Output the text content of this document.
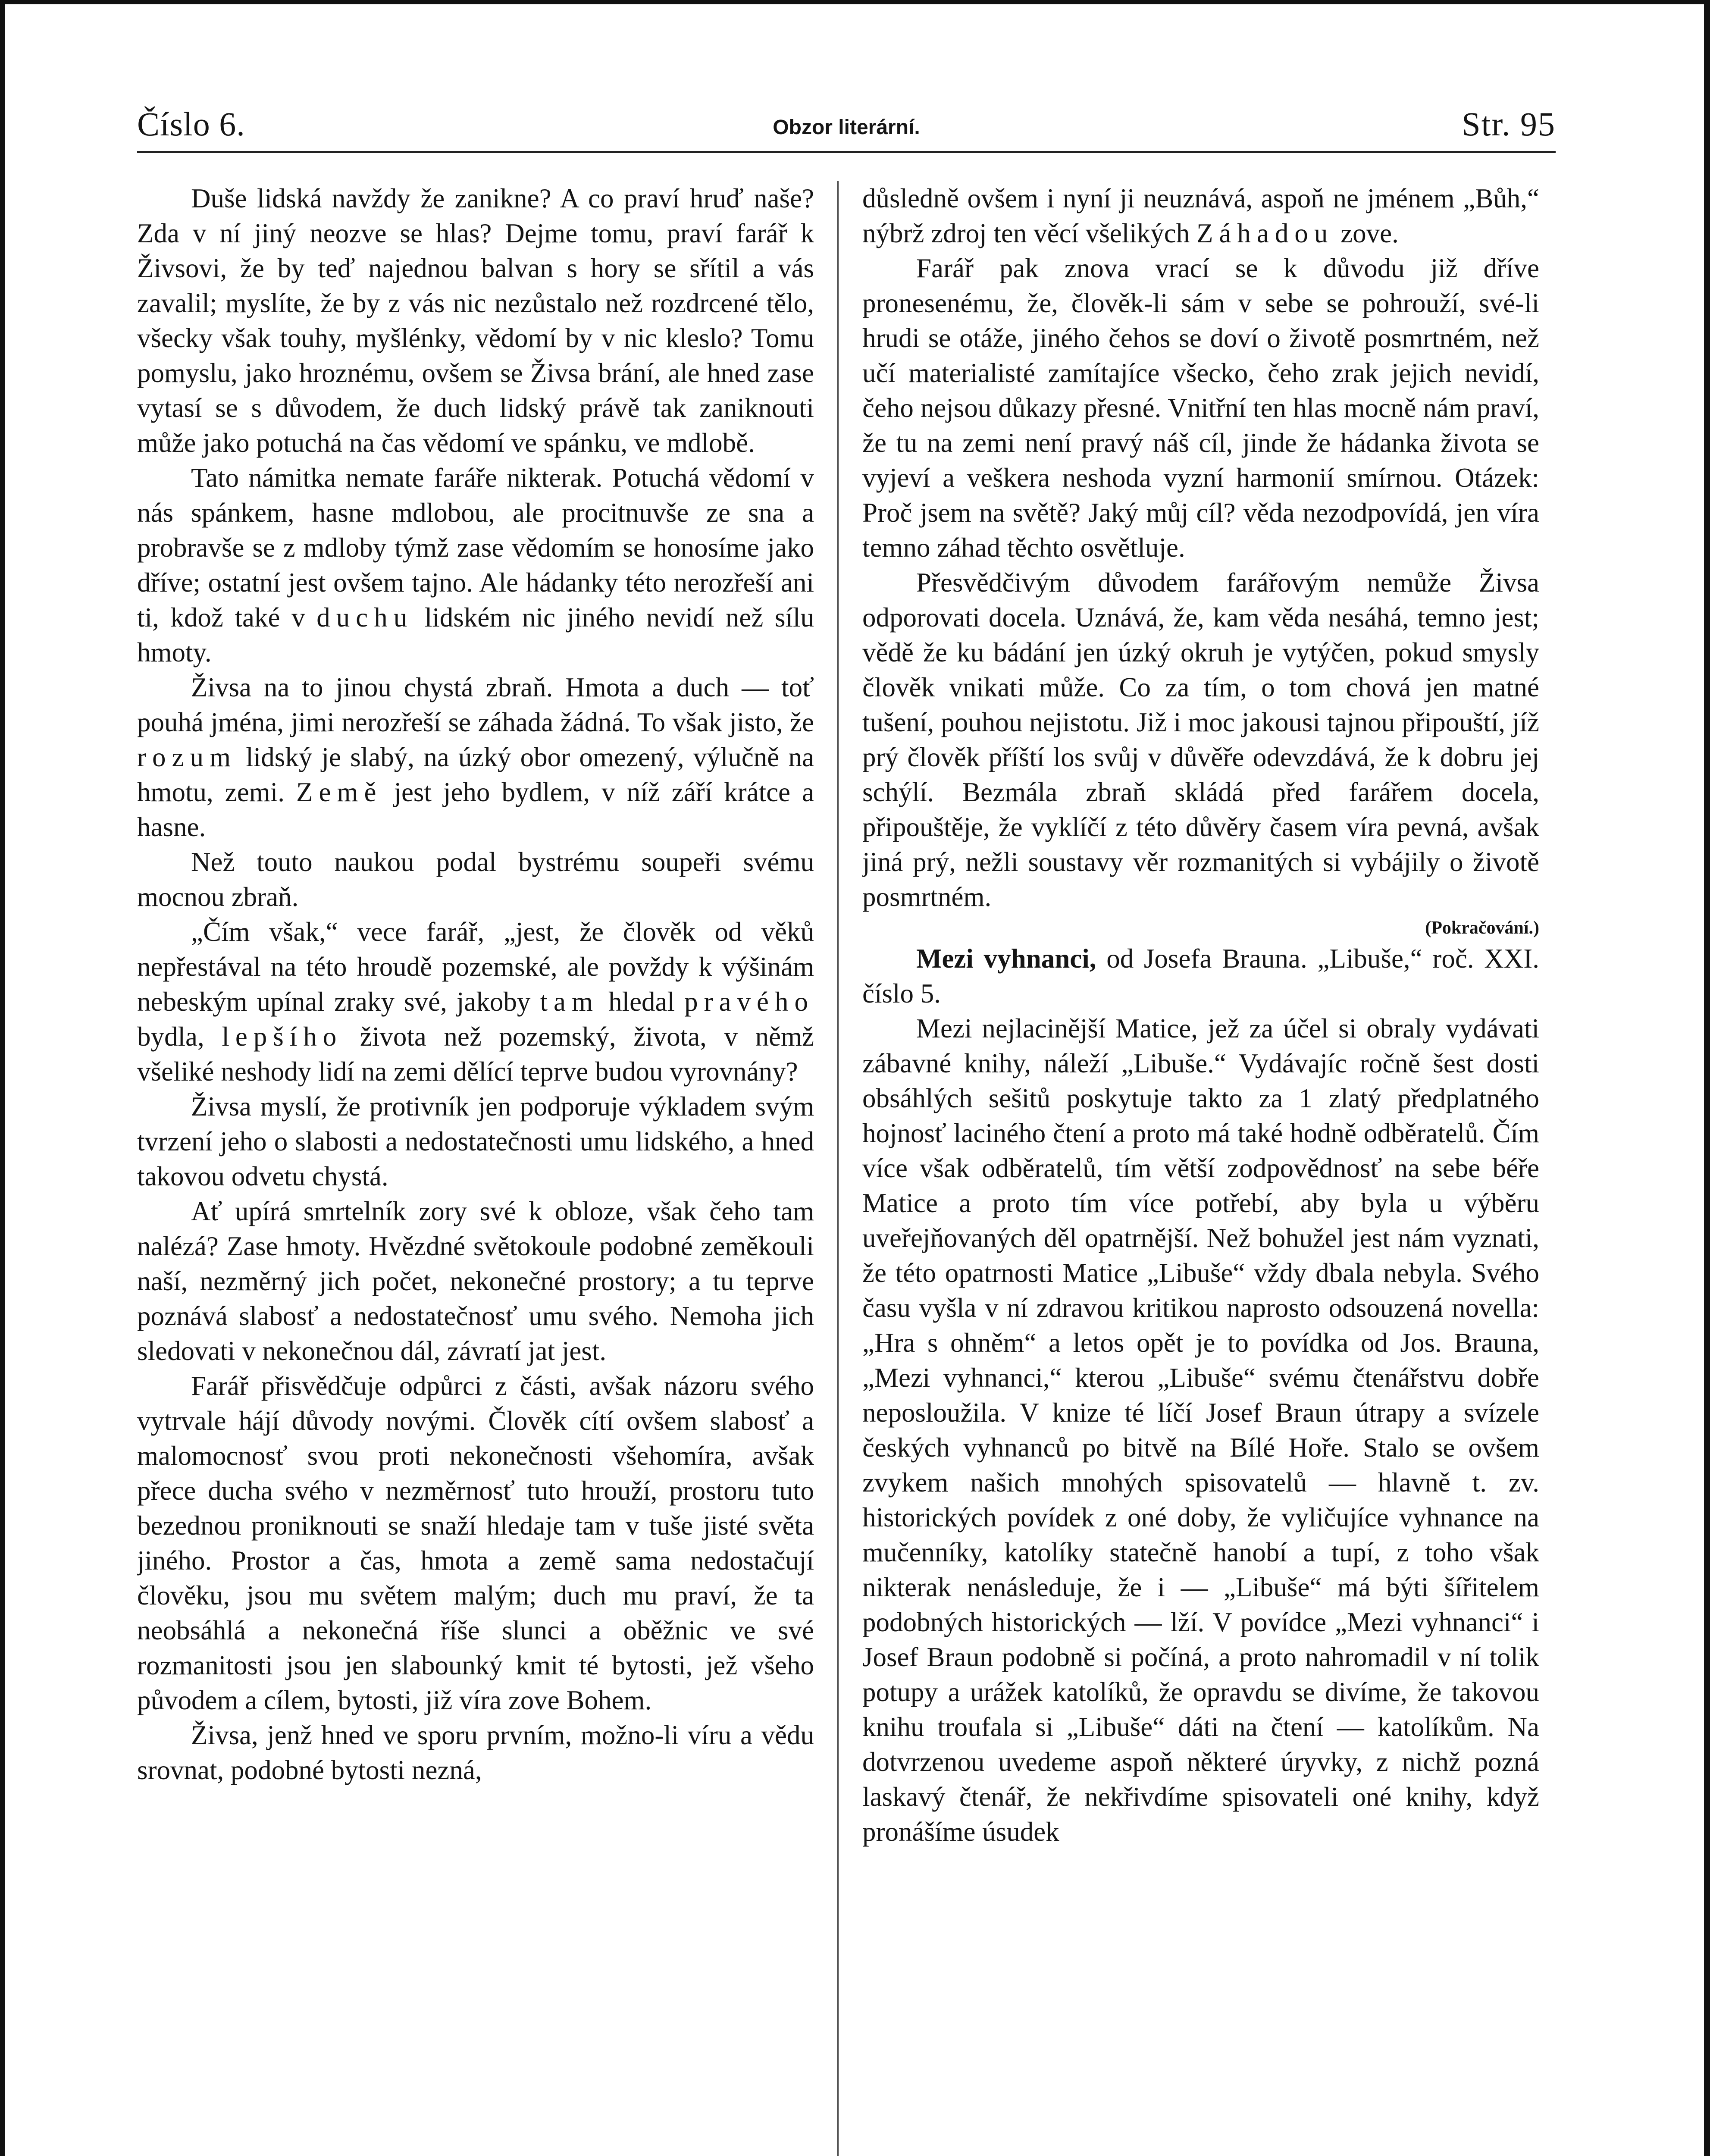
Číslo 6.	Obzor literární.	Str. 95

Duše lidská navždy že zanikne? A co praví hruď naše? Zda v ní jiný neozve se hlas? Dejme tomu, praví farář k Živsovi, že by teď najednou balvan s hory se sřítil a vás zavalil; myslíte, že by z vás nic nezůstalo než rozdrcené tělo, všecky však touhy, myšlénky, vědomí by v nic kleslo? Tomu pomyslu, jako hroznému, ovšem se Živsa brání, ale hned zase vytasí se s důvodem, že duch lidský právě tak zaniknouti může jako potuchá na čas vědomí ve spánku, ve mdlobě.

Tato námitka nemate faráře nikterak. Potuchá vědomí v nás spánkem, hasne mdlobou, ale procitnuvše ze sna a probravše se z mdloby týmž zase vědomím se honosíme jako dříve; ostatní jest ovšem tajno. Ale hádanky této nerozřeší ani ti, kdož také v duchu lidském nic jiného nevidí než sílu hmoty.

Živsa na to jinou chystá zbraň. Hmota a duch — toť pouhá jména, jimi nerozřeší se záhada žádná. To však jisto, že rozum lidský je slabý, na úzký obor omezený, výlučně na hmotu, zemi. Země jest jeho bydlem, v níž září krátce a hasne.

Než touto naukou podal bystrému soupeři svému mocnou zbraň.

„Čím však,“ vece farář, „jest, že člověk od věků nepřestával na této hroudě pozemské, ale povždy k výšinám nebeským upínal zraky své, jakoby tam hledal pravého bydla, lepšího života než pozemský, života, v němž všeliké neshody lidí na zemi dělící teprve budou vyrovnány?

Živsa myslí, že protivník jen podporuje výkladem svým tvrzení jeho o slabosti a nedostatečnosti umu lidského, a hned takovou odvetu chystá.

Ať upírá smrtelník zory své k obloze, však čeho tam nalézá? Zase hmoty. Hvězdné světokoule podobné zeměkouli naší, nezměrný jich počet, nekonečné prostory; a tu teprve poznává slabosť a nedostatečnosť umu svého. Nemoha jich sledovati v nekonečnou dál, závratí jat jest.

Farář přisvědčuje odpůrci z části, avšak názoru svého vytrvale hájí důvody novými. Člověk cítí ovšem slabosť a malomocnosť svou proti nekonečnosti všehomíra, avšak přece ducha svého v nezměrnosť tuto hrouží, prostoru tuto bezednou proniknouti se snaží hledaje tam v tuše jisté světa jiného. Prostor a čas, hmota a země sama nedostačují člověku, jsou mu světem malým; duch mu praví, že ta neobsáhlá a nekonečná říše slunci a oběžnic ve své rozmanitosti jsou jen slabounký kmit té bytosti, jež všeho původem a cílem, bytosti, již víra zove Bohem.

Živsa, jenž hned ve sporu prvním, možno-li víru a vědu srovnat, podobné bytosti nezná,

důsledně ovšem i nyní ji neuznává, aspoň ne jménem „Bůh,“ nýbrž zdroj ten věcí všelikých Záhadou zove.

Farář pak znova vrací se k důvodu již dříve pronesenému, že, člověk-li sám v sebe se pohrouží, své-li hrudi se otáže, jiného čehos se doví o životě posmrtném, než učí materialisté zamítajíce všecko, čeho zrak jejich nevidí, čeho nejsou důkazy přesné. Vnitřní ten hlas mocně nám praví, že tu na zemi není pravý náš cíl, jinde že hádanka života se vyjeví a veškera neshoda vyzní harmonií smírnou. Otázek: Proč jsem na světě? Jaký můj cíl? věda nezodpovídá, jen víra temno záhad těchto osvětluje.

Přesvědčivým důvodem farářovým nemůže Živsa odporovati docela. Uznává, že, kam věda nesáhá, temno jest; vědě že ku bádání jen úzký okruh je vytýčen, pokud smysly člověk vnikati může. Co za tím, o tom chová jen matné tušení, pouhou nejistotu. Již i moc jakousi tajnou připouští, jíž prý člověk příští los svůj v důvěře odevzdává, že k dobru jej schýlí. Bezmála zbraň skládá před farářem docela, připouštěje, že vyklíčí z této důvěry časem víra pevná, avšak jiná prý, nežli soustavy věr rozmanitých si vybájily o životě posmrtném.

(Pokračování.)

Mezi vyhnanci, od Josefa Brauna. „Libuše,“ roč. XXI. číslo 5.

Mezi nejlacinější Matice, jež za účel si obraly vydávati zábavné knihy, náleží „Libuše.“ Vydávajíc ročně šest dosti obsáhlých sešitů poskytuje takto za 1 zlatý předplatného hojnosť laciného čtení a proto má také hodně odběratelů. Čím více však odběratelů, tím větší zodpovědnosť na sebe béře Matice a proto tím více potřebí, aby byla u výběru uveřejňovaných děl opatrnější. Než bohužel jest nám vyznati, že této opatrnosti Matice „Libuše“ vždy dbala nebyla. Svého času vyšla v ní zdravou kritikou naprosto odsouzená novella: „Hra s ohněm“ a letos opět je to povídka od Jos. Brauna, „Mezi vyhnanci,“ kterou „Libuše“ svému čtenářstvu dobře neposloužila. V knize té líčí Josef Braun útrapy a svízele českých vyhnanců po bitvě na Bílé Hoře. Stalo se ovšem zvykem našich mnohých spisovatelů — hlavně t. zv. historických povídek z oné doby, že vyličujíce vyhnance na mučenníky, katolíky statečně hanobí a tupí, z toho však nikterak nenásleduje, že i — „Libuše“ má býti šířitelem podobných historických — lží. V povídce „Mezi vyhnanci“ i Josef Braun podobně si počíná, a proto nahromadil v ní tolik potupy a urážek katolíků, že opravdu se divíme, že takovou knihu troufala si „Libuše“ dáti na čtení — katolíkům. Na dotvrzenou uvedeme aspoň některé úryvky, z nichž pozná laskavý čtenář, že nekřivdíme spisovateli oné knihy, když pronášíme úsudek
